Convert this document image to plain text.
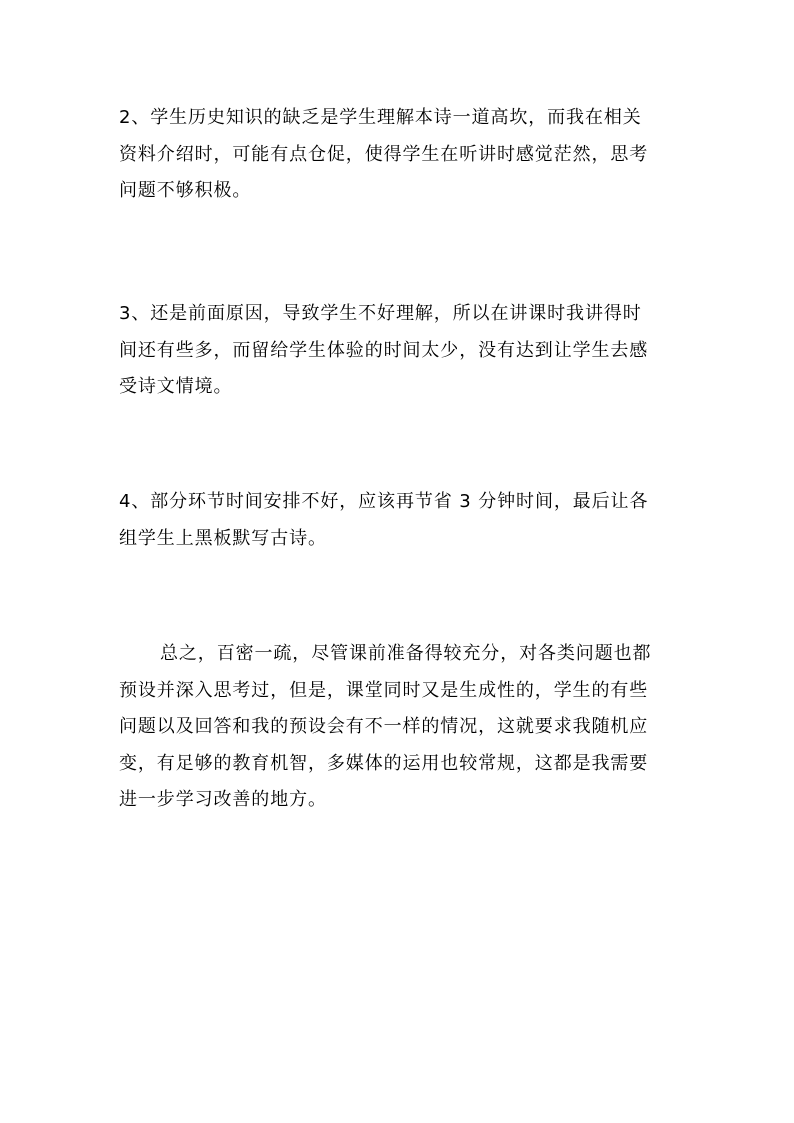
2、学生历史知识的缺乏是学生理解本诗一道高坎，而我在相关
资料介绍时，可能有点仓促，使得学生在听讲时感觉茫然，思考
问题不够积极。

3、还是前面原因，导致学生不好理解，所以在讲课时我讲得时
间还有些多，而留给学生体验的时间太少，没有达到让学生去感
受诗文情境。

4、部分环节时间安排不好，应该再节省 3 分钟时间，最后让各
组学生上黑板默写古诗。

总之，百密一疏，尽管课前准备得较充分，对各类问题也都
预设并深入思考过，但是，课堂同时又是生成性的，学生的有些
问题以及回答和我的预设会有不一样的情况，这就要求我随机应
变，有足够的教育机智，多媒体的运用也较常规，这都是我需要
进一步学习改善的地方。
